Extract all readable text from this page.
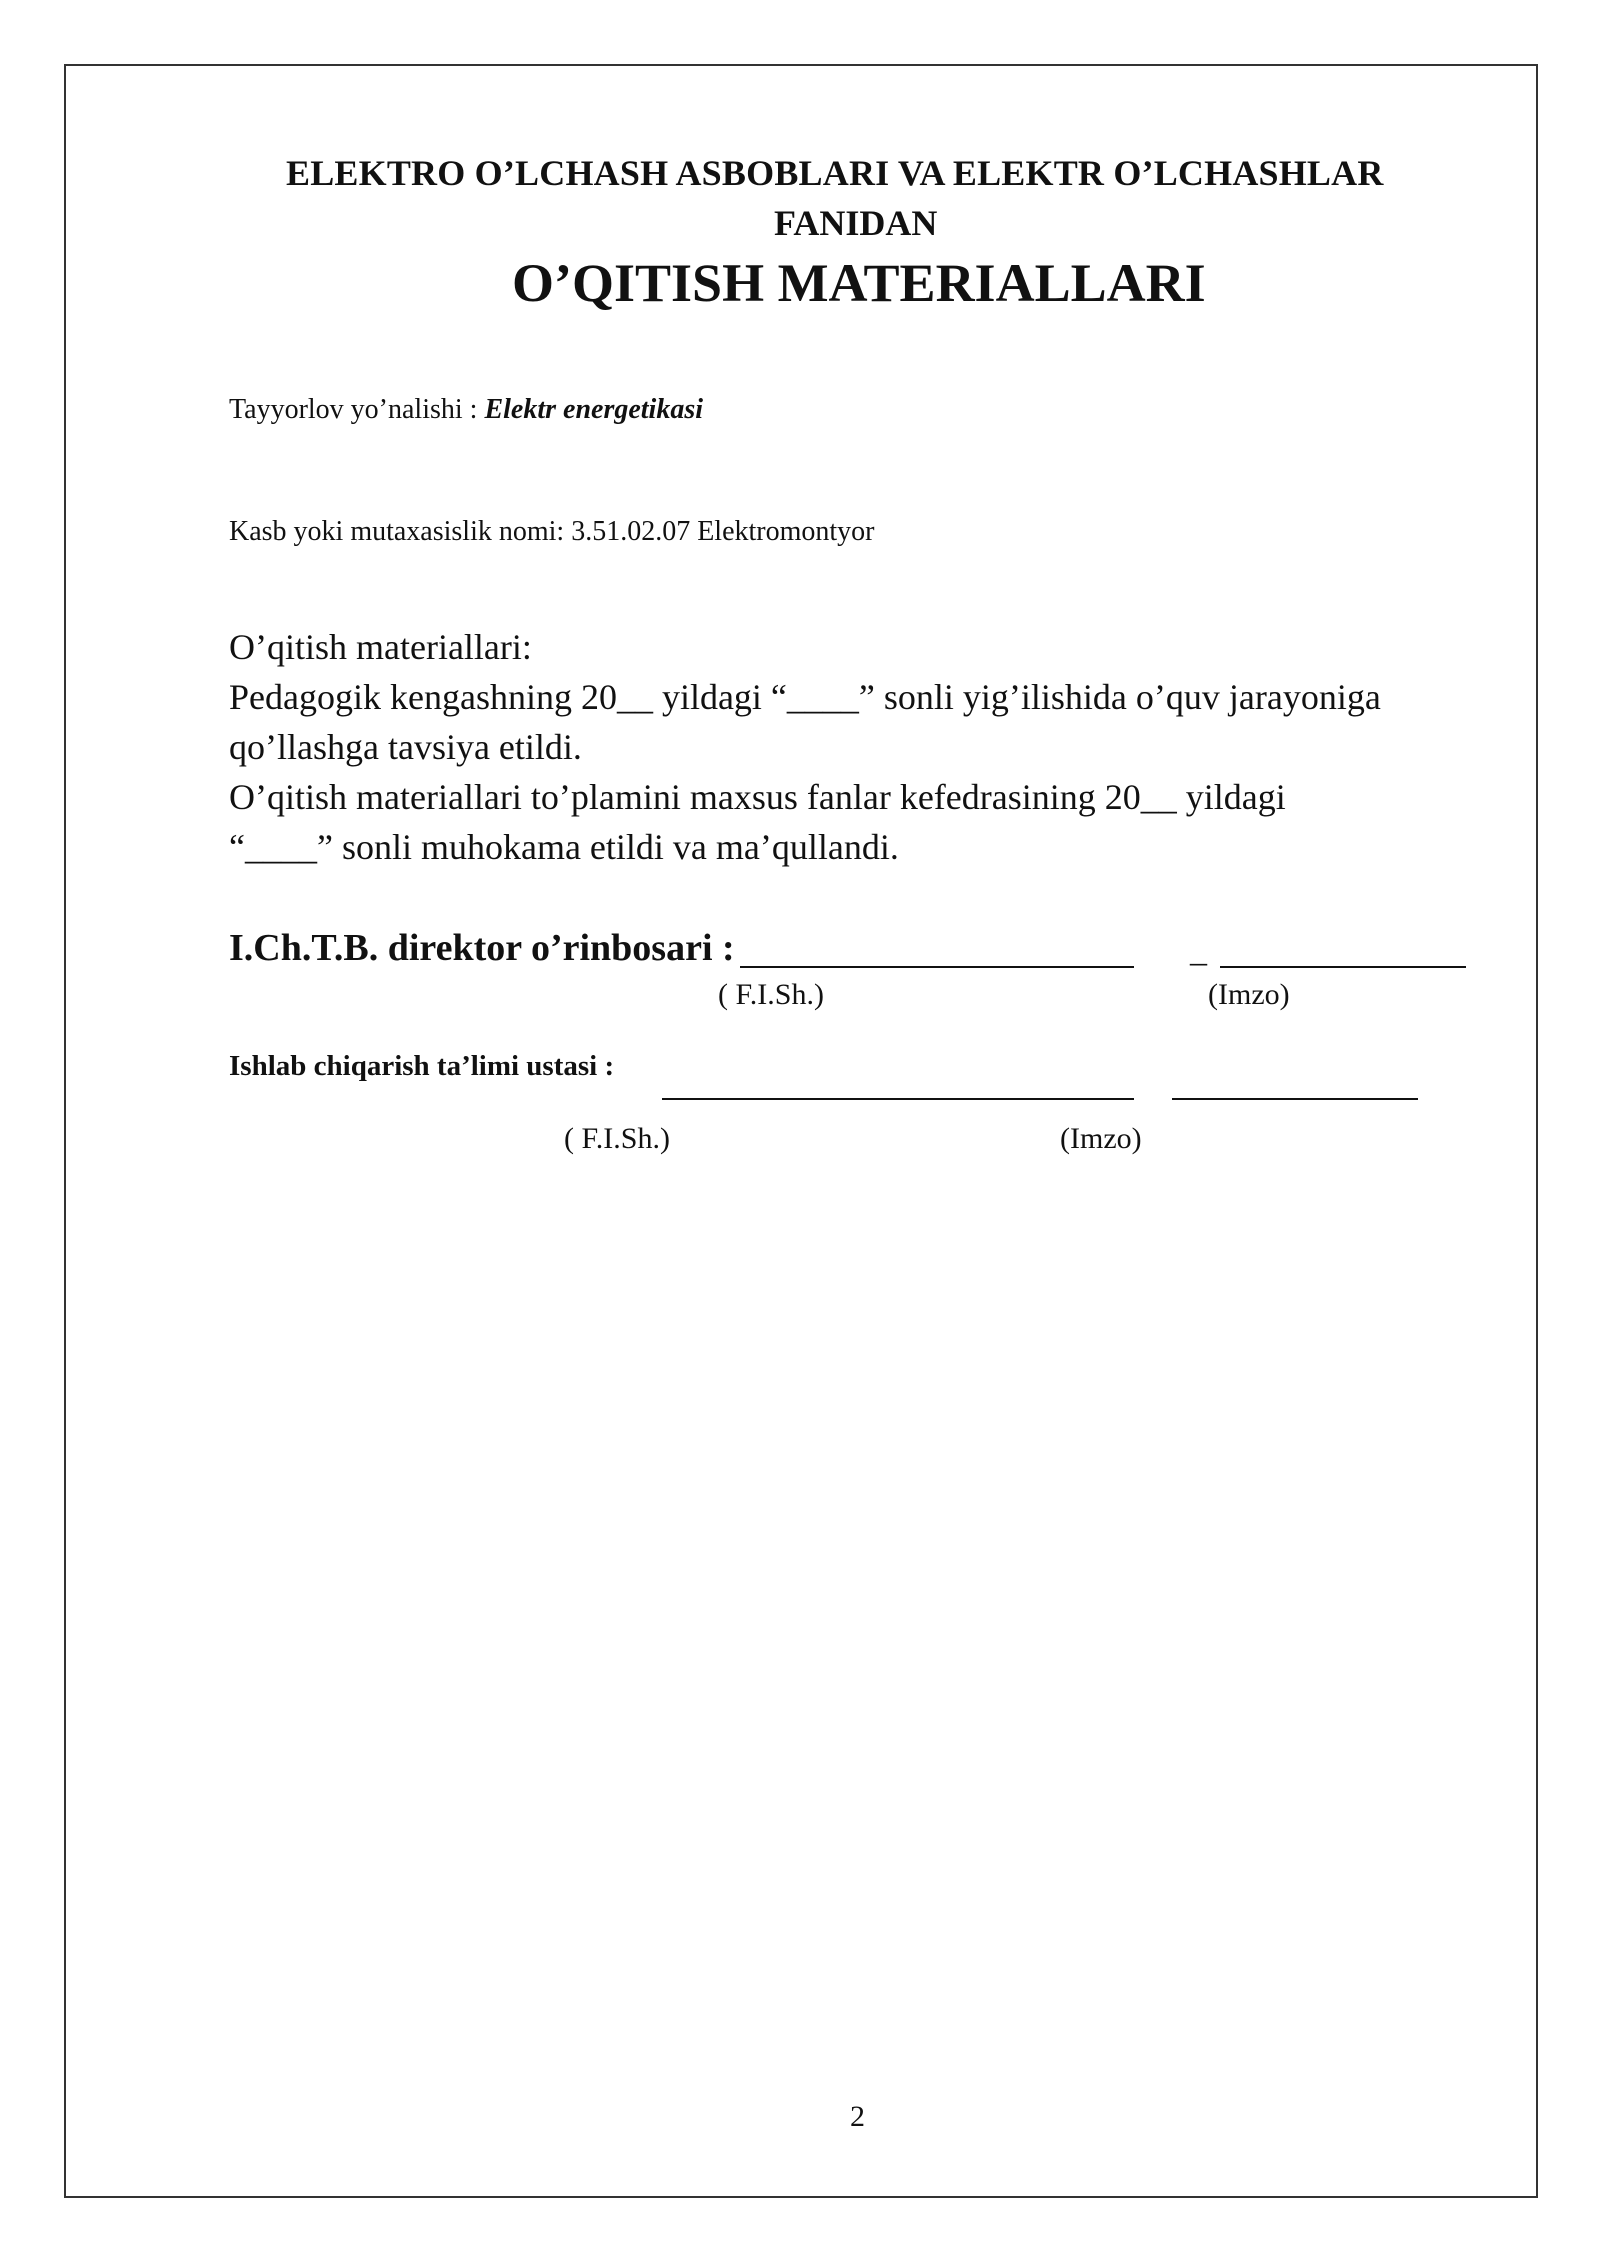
ELEKTRO O’LCHASH ASBOBLARI VA ELEKTR O’LCHASHLAR
FANIDAN
O’QITISH MATERIALLARI
Tayyorlov yo’nalishi : Elektr energetikasi
Kasb yoki mutaxasislik nomi: 3.51.02.07 Elektromontyor
O’qitish materiallari:
Pedagogik kengashning 20__ yildagi “____” sonli yig’ilishida o’quv jarayoniga
qo’llashga tavsiya etildi.
O’qitish materiallari to’plamini maxsus fanlar kefedrasining 20__ yildagi
“____” sonli muhokama etildi va ma’qullandi.
I.Ch.T.B. direktor o’rinbosari :	_
( F.I.Sh.)	(Imzo)
Ishlab chiqarish ta’limi ustasi :
( F.I.Sh.)	(Imzo)
2
